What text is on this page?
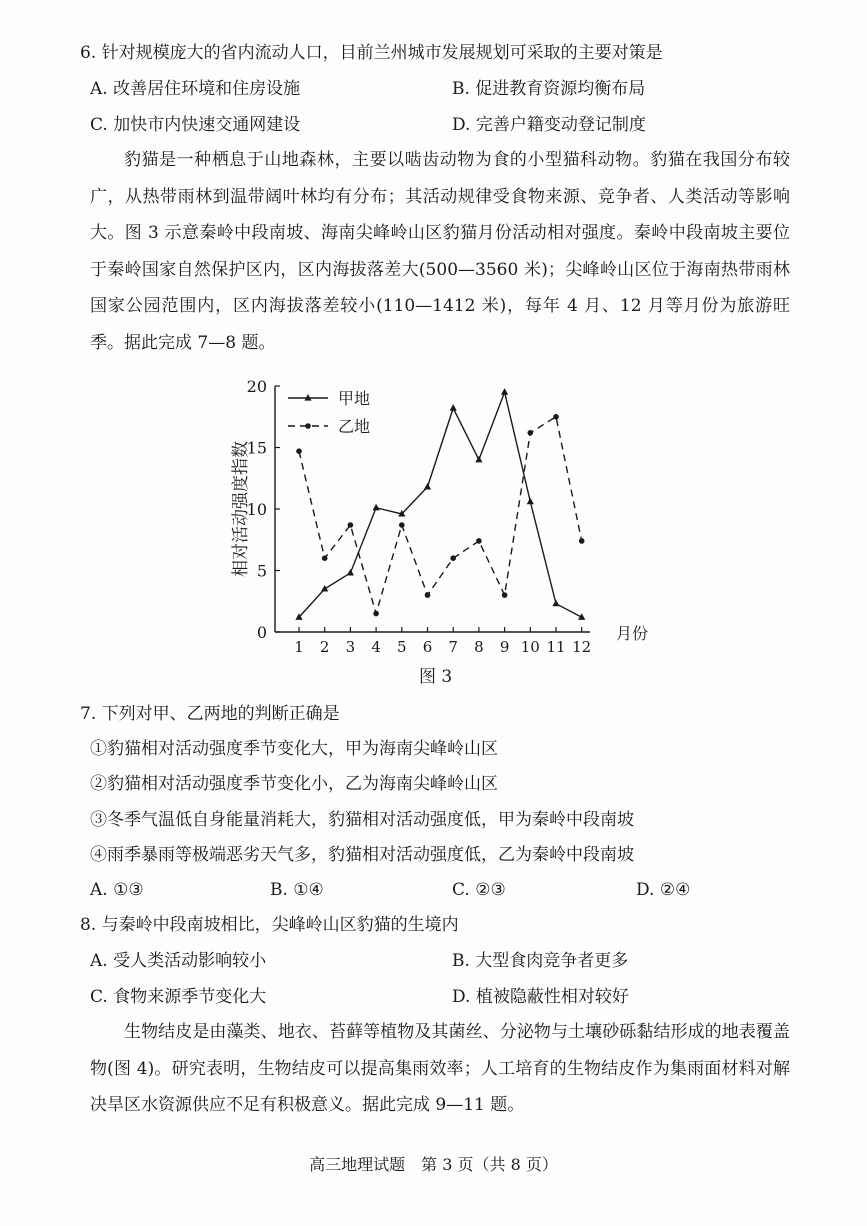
6. 针对规模庞大的省内流动人口，目前兰州城市发展规划可采取的主要对策是
A. 改善居住环境和住房设施	B. 促进教育资源均衡布局
C. 加快市内快速交通网建设	D. 完善户籍变动登记制度
豹猫是一种栖息于山地森林，主要以啮齿动物为食的小型猫科动物。豹猫在我国分布较广，从热带雨林到温带阔叶林均有分布；其活动规律受食物来源、竞争者、人类活动等影响大。图 3 示意秦岭中段南坡、海南尖峰岭山区豹猫月份活动相对强度。秦岭中段南坡主要位于秦岭国家自然保护区内，区内海拔落差大(500—3560 米)；尖峰岭山区位于海南热带雨林国家公园范围内，区内海拔落差较小(110—1412 米)，每年 4 月、12 月等月份为旅游旺季。据此完成 7—8 题。
0
5
10
15
20
1 2 3 4 5 6 7 8 9 10 11 12
月份
相对活动强度指数
甲地
乙地
图 3
7. 下列对甲、乙两地的判断正确是
①豹猫相对活动强度季节变化大，甲为海南尖峰岭山区
②豹猫相对活动强度季节变化小，乙为海南尖峰岭山区
③冬季气温低自身能量消耗大，豹猫相对活动强度低，甲为秦岭中段南坡
④雨季暴雨等极端恶劣天气多，豹猫相对活动强度低，乙为秦岭中段南坡
A. ①③	B. ①④	C. ②③	D. ②④
8. 与秦岭中段南坡相比，尖峰岭山区豹猫的生境内
A. 受人类活动影响较小	B. 大型食肉竞争者更多
C. 食物来源季节变化大	D. 植被隐蔽性相对较好
生物结皮是由藻类、地衣、苔藓等植物及其菌丝、分泌物与土壤砂砾黏结形成的地表覆盖物(图 4)。研究表明，生物结皮可以提高集雨效率；人工培育的生物结皮作为集雨面材料对解决旱区水资源供应不足有积极意义。据此完成 9—11 题。
高三地理试题　第 3 页（共 8 页）
